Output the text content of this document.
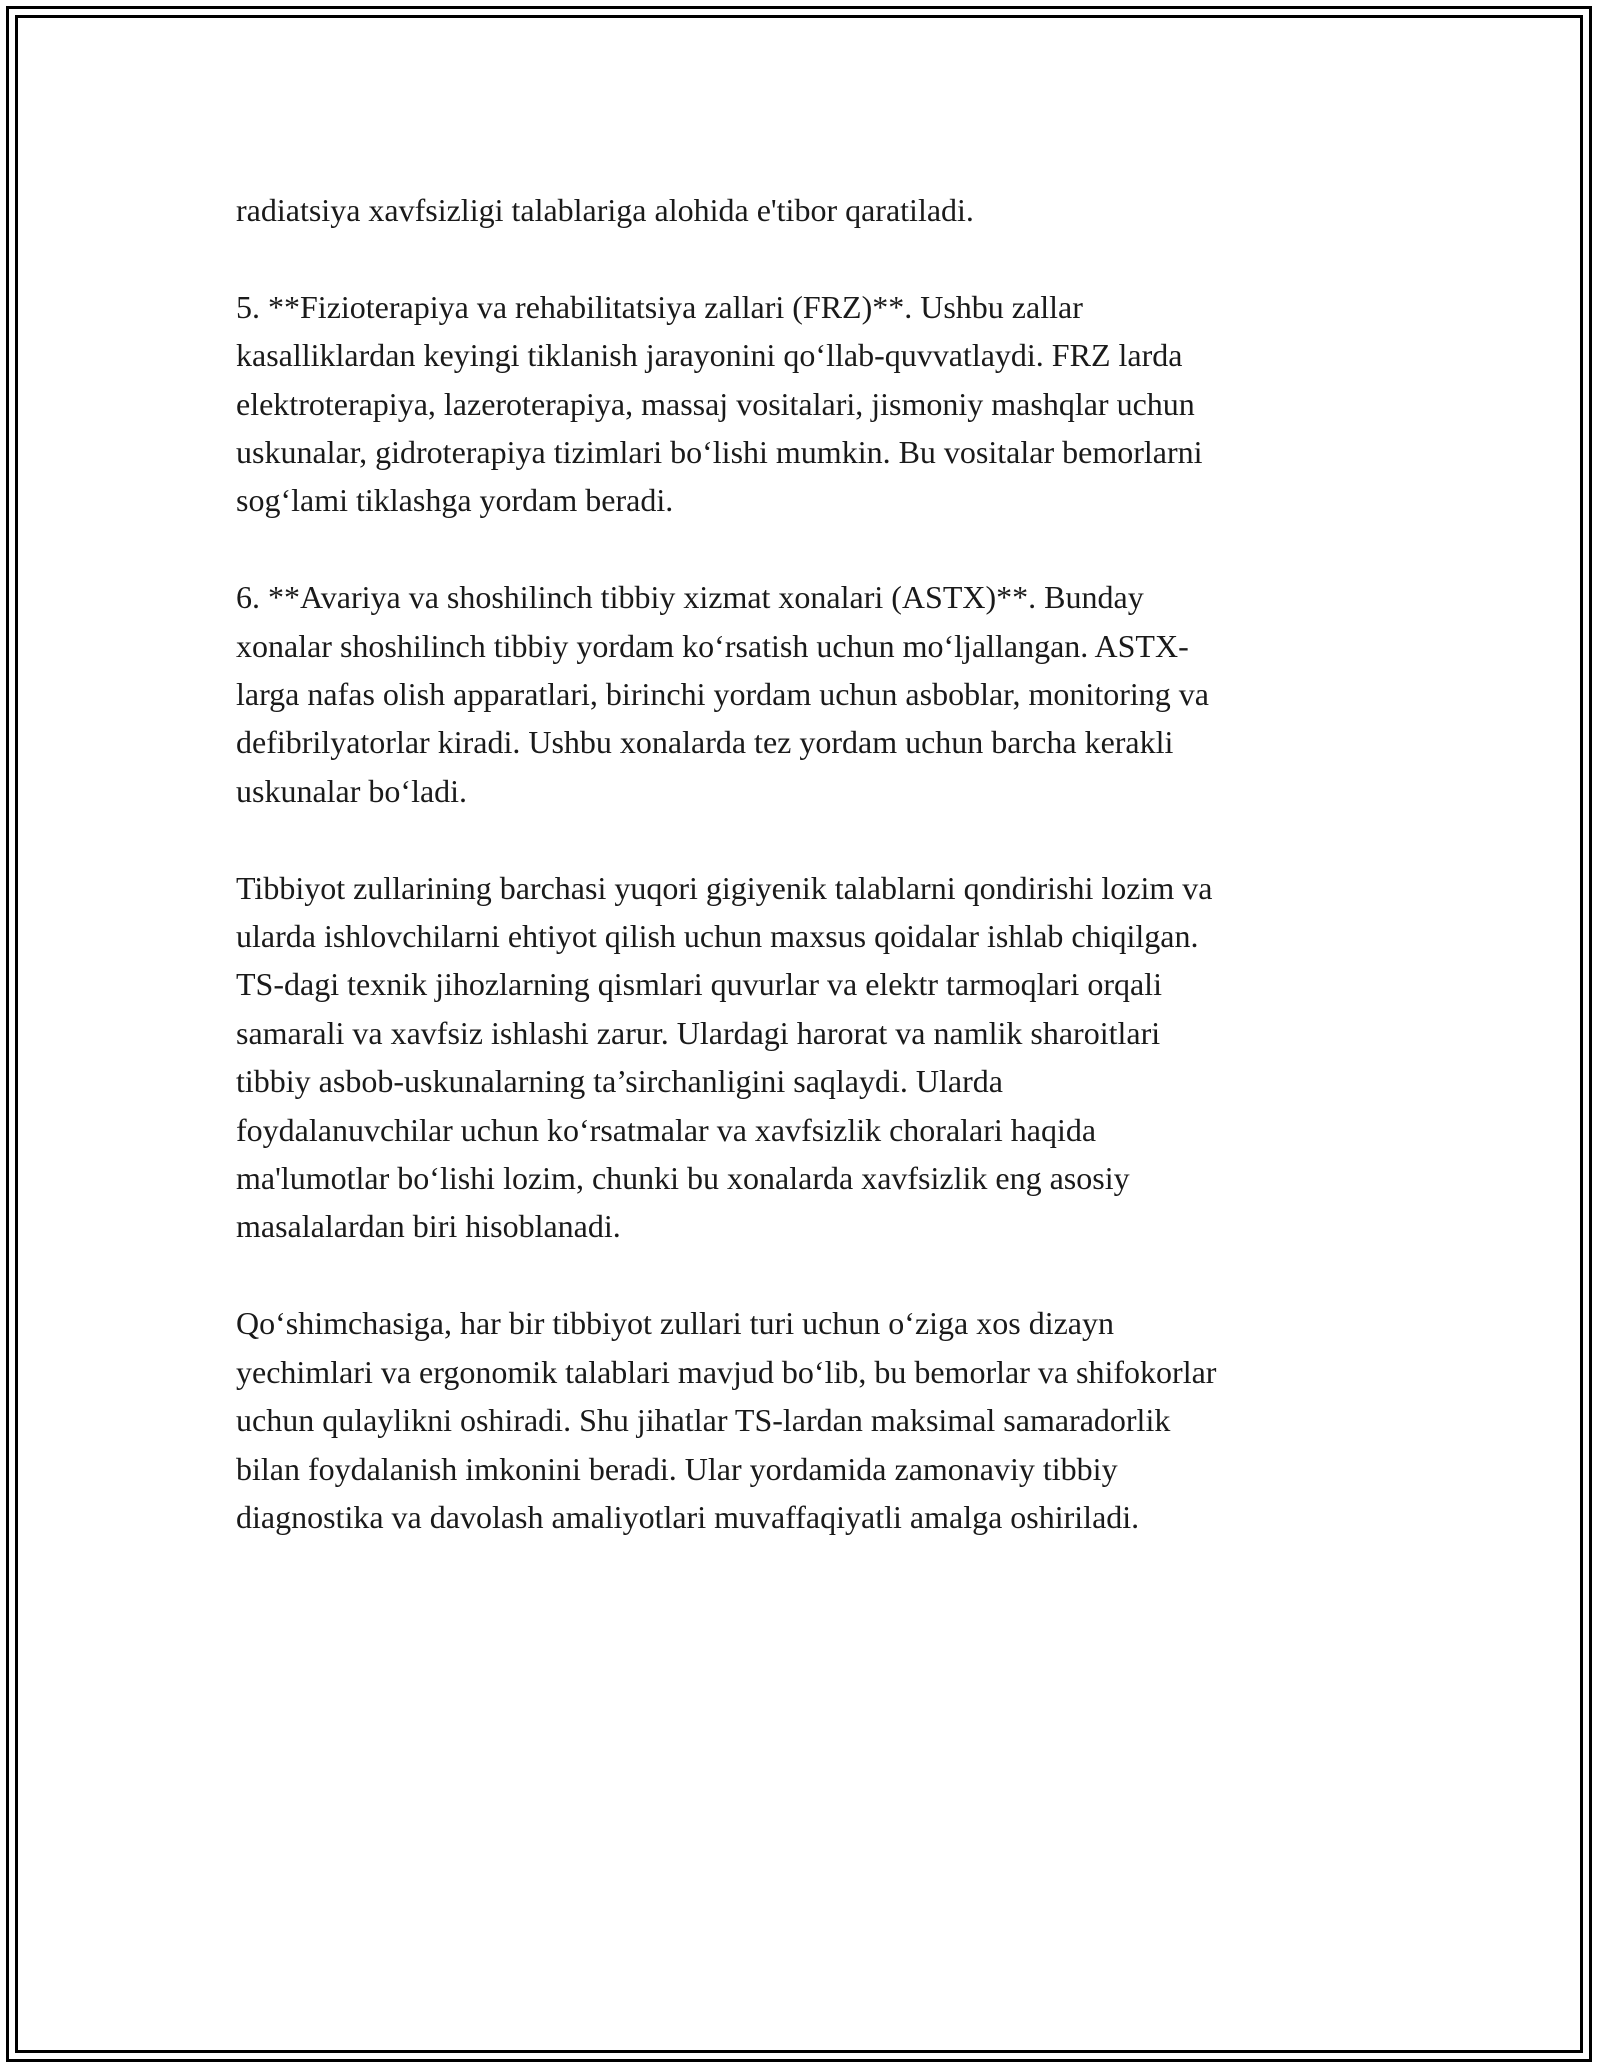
radiatsiya xavfsizligi talablariga alohida e'tibor qaratiladi.

5. **Fizioterapiya va rehabilitatsiya zallari (FRZ)**. Ushbu zallar
kasalliklardan keyingi tiklanish jarayonini qo‘llab-quvvatlaydi. FRZ larda
elektroterapiya, lazeroterapiya, massaj vositalari, jismoniy mashqlar uchun
uskunalar, gidroterapiya tizimlari bo‘lishi mumkin. Bu vositalar bemorlarni
sog‘lami tiklashga yordam beradi.

6. **Avariya va shoshilinch tibbiy xizmat xonalari (ASTX)**. Bunday
xonalar shoshilinch tibbiy yordam ko‘rsatish uchun mo‘ljallangan. ASTX-
larga nafas olish apparatlari, birinchi yordam uchun asboblar, monitoring va
defibrilyatorlar kiradi. Ushbu xonalarda tez yordam uchun barcha kerakli
uskunalar bo‘ladi.

Tibbiyot zullarining barchasi yuqori gigiyenik talablarni qondirishi lozim va
ularda ishlovchilarni ehtiyot qilish uchun maxsus qoidalar ishlab chiqilgan.
TS-dagi texnik jihozlarning qismlari quvurlar va elektr tarmoqlari orqali
samarali va xavfsiz ishlashi zarur. Ulardagi harorat va namlik sharoitlari
tibbiy asbob-uskunalarning ta’sirchanligini saqlaydi. Ularda
foydalanuvchilar uchun ko‘rsatmalar va xavfsizlik choralari haqida
ma'lumotlar bo‘lishi lozim, chunki bu xonalarda xavfsizlik eng asosiy
masalalardan biri hisoblanadi.

Qo‘shimchasiga, har bir tibbiyot zullari turi uchun o‘ziga xos dizayn
yechimlari va ergonomik talablari mavjud bo‘lib, bu bemorlar va shifokorlar
uchun qulaylikni oshiradi. Shu jihatlar TS-lardan maksimal samaradorlik
bilan foydalanish imkonini beradi. Ular yordamida zamonaviy tibbiy
diagnostika va davolash amaliyotlari muvaffaqiyatli amalga oshiriladi.
